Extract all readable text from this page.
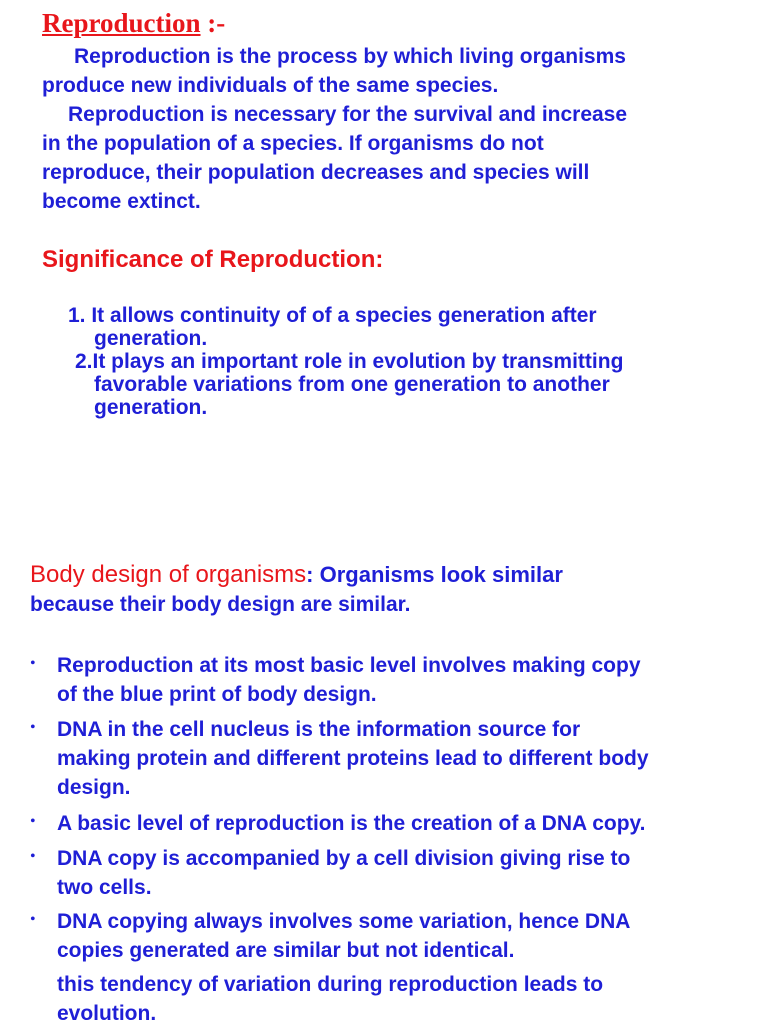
Reproduction :-

Reproduction is the process by which living organisms

produce new individuals of the same species.

Reproduction is necessary for the survival and increase

in the population of a species. If organisms do not

reproduce, their population decreases and species will

become extinct.

Significance of Reproduction:

1. It allows continuity of of a species generation after

generation.

2.It plays an important role in evolution by transmitting

favorable variations from one generation to another

generation.

Body design of organisms: Organisms look similar

because their body design are similar.

• Reproduction at its most basic level involves making copy

of the blue print of body design.

• DNA in the cell nucleus is the information source for

making protein and different proteins lead to different body

design.

• A basic level of reproduction is the creation of a DNA copy.

• DNA copy is accompanied by a cell division giving rise to

two cells.

• DNA copying always involves some variation, hence DNA

copies generated are similar but not identical.

this tendency of variation during reproduction leads to

evolution.
